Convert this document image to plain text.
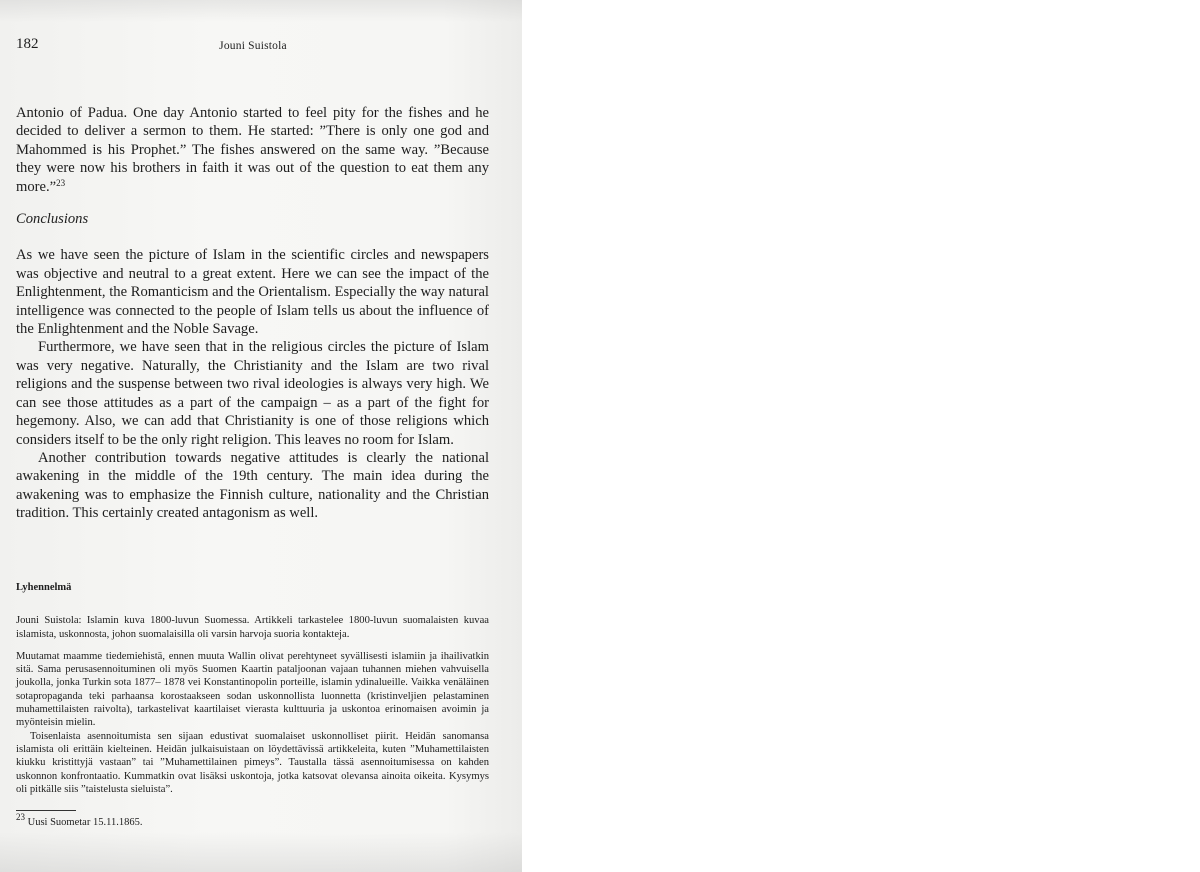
182	Jouni Suistola

Antonio of Padua. One day Antonio started to feel pity for the fishes and he decided to deliver a sermon to them. He started: ”There is only one god and Mahommed is his Prophet.” The fishes answered on the same way. ”Because they were now his brothers in faith it was out of the question to eat them any more.”$^{23}$

Conclusions

As we have seen the picture of Islam in the scientific circles and newspapers was objective and neutral to a great extent. Here we can see the impact of the Enlightenment, the Romanticism and the Orientalism. Especially the way natural intelligence was connected to the people of Islam tells us about the influence of the Enlightenment and the Noble Savage.

Furthermore, we have seen that in the religious circles the picture of Islam was very negative. Naturally, the Christianity and the Islam are two rival religions and the suspense between two rival ideologies is always very high. We can see those attitudes as a part of the campaign – as a part of the fight for hegemony. Also, we can add that Christianity is one of those religions which considers itself to be the only right religion. This leaves no room for Islam.

Another contribution towards negative attitudes is clearly the national awakening in the middle of the 19th century. The main idea during the awakening was to emphasize the Finnish culture, nationality and the Christian tradition. This certainly created antagonism as well.

Lyhennelmä

Jouni Suistola: Islamin kuva 1800-luvun Suomessa. Artikkeli tarkastelee 1800-luvun suomalaisten kuvaa islamista, uskonnosta, johon suomalaisilla oli varsin harvoja suoria kontakteja.

Muutamat maamme tiedemiehistä, ennen muuta Wallin olivat perehtyneet syvällisesti islamiin ja ihailivatkin sitä. Sama perusasennoituminen oli myös Suomen Kaartin pataljoonan vajaan tuhannen miehen vahvuisella joukolla, jonka Turkin sota 1877– 1878 vei Konstantinopolin porteille, islamin ydinalueille. Vaikka venäläinen sotapropaganda teki parhaansa korostaakseen sodan uskonnollista luonnetta (kristinveljien pelastaminen muhamettilaisten raivolta), tarkastelivat kaartilaiset vierasta kulttuuria ja uskontoa erinomaisen avoimin ja myönteisin mielin.

Toisenlaista asennoitumista sen sijaan edustivat suomalaiset uskonnolliset piirit. Heidän sanomansa islamista oli erittäin kielteinen. Heidän julkaisuistaan on löydettävissä artikkeleita, kuten ”Muhamettilaisten kiukku kristittyjä vastaan” tai ”Muhamettilainen pimeys”. Taustalla tässä asennoitumisessa on kahden uskonnon konfrontaatio. Kummatkin ovat lisäksi uskontoja, jotka katsovat olevansa ainoita oikeita. Kysymys oli pitkälle siis ”taistelusta sieluista”.

$^{23}$ Uusi Suometar 15.11.1865.
